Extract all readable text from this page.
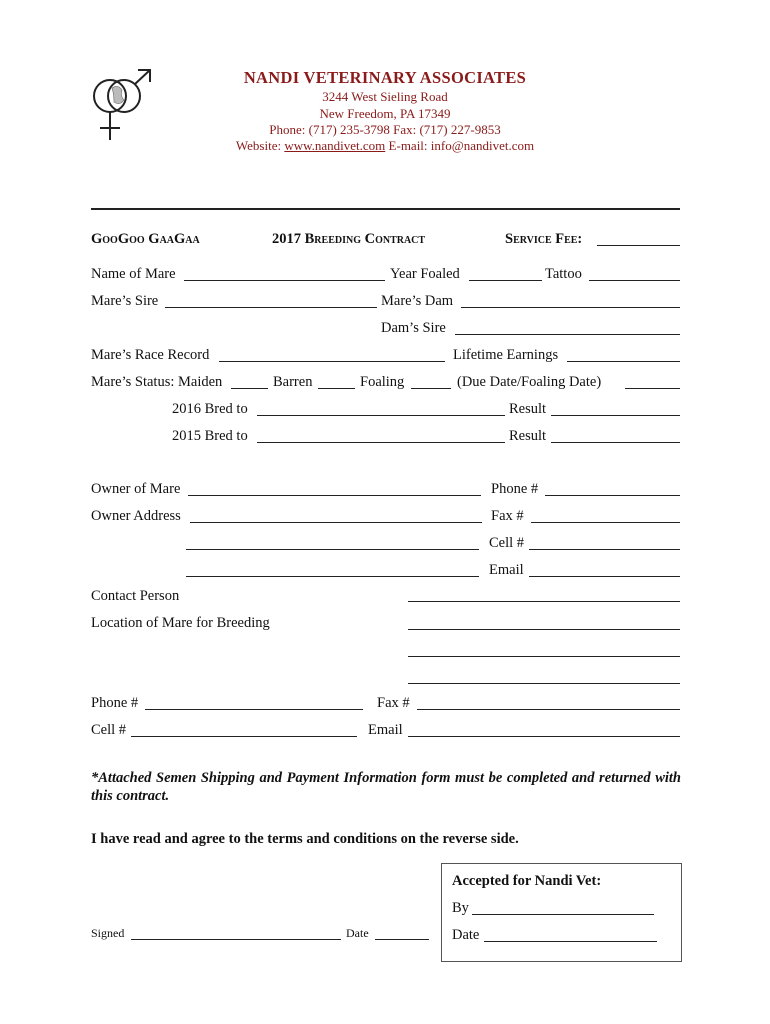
NANDI VETERINARY ASSOCIATES
3244 West Sieling Road
New Freedom, PA 17349
Phone: (717) 235-3798 Fax: (717) 227-9853
Website: www.nandivet.com E-mail: info@nandivet.com
GooGoo GaaGaa	2017 Breeding Contract	Service Fee:
Name of Mare	Year Foaled	Tattoo
Mare’s Sire	Mare’s Dam
Dam’s Sire
Mare’s Race Record	Lifetime Earnings
Mare’s Status: Maiden	Barren	Foaling	(Due Date/Foaling Date)
2016 Bred to	Result
2015 Bred to	Result
Owner of Mare	Phone #
Owner Address	Fax #
Cell #
Email
Contact Person
Location of Mare for Breeding
Phone #	Fax #
Cell #	Email
*Attached Semen Shipping and Payment Information form must be completed and returned with this contract.
I have read and agree to the terms and conditions on the reverse side.
Signed	Date
Accepted for Nandi Vet:
By
Date
